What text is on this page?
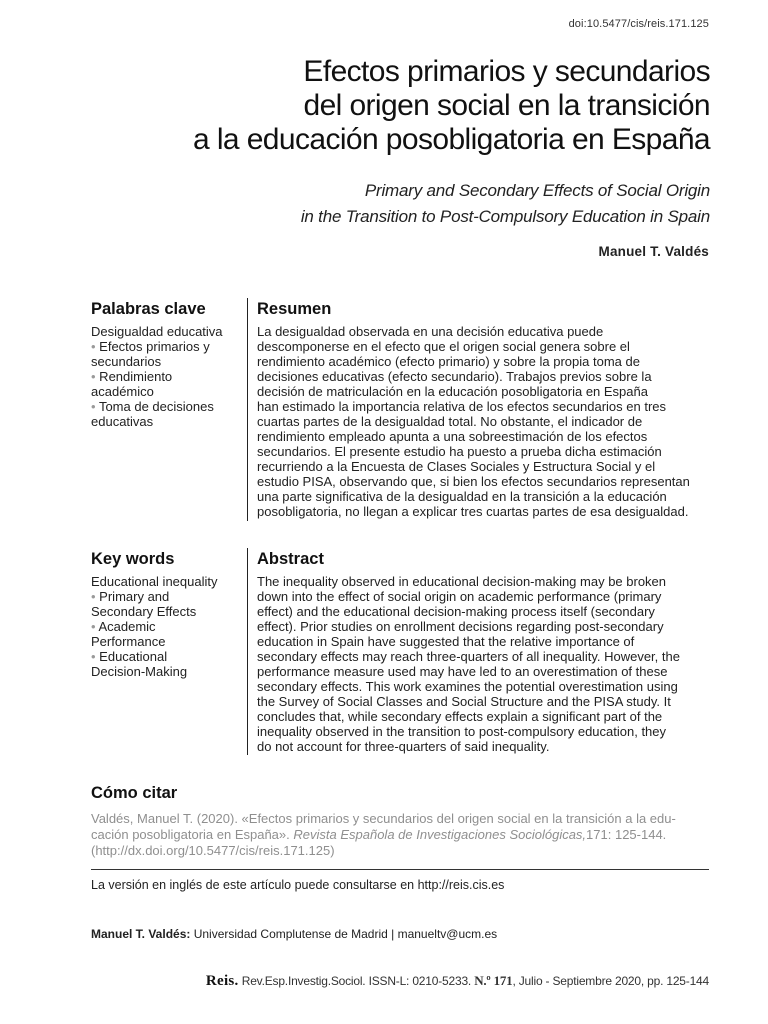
doi:10.5477/cis/reis.171.125
Efectos primarios y secundarios
del origen social en la transición
a la educación posobligatoria en España
Primary and Secondary Effects of Social Origin
in the Transition to Post-Compulsory Education in Spain
Manuel T. Valdés
Palabras clave
Desigualdad educativa
• Efectos primarios y
secundarios
• Rendimiento
académico
• Toma de decisiones
educativas
Resumen
La desigualdad observada en una decisión educativa puede
descomponerse en el efecto que el origen social genera sobre el
rendimiento académico (efecto primario) y sobre la propia toma de
decisiones educativas (efecto secundario). Trabajos previos sobre la
decisión de matriculación en la educación posobligatoria en España
han estimado la importancia relativa de los efectos secundarios en tres
cuartas partes de la desigualdad total. No obstante, el indicador de
rendimiento empleado apunta a una sobreestimación de los efectos
secundarios. El presente estudio ha puesto a prueba dicha estimación
recurriendo a la Encuesta de Clases Sociales y Estructura Social y el
estudio PISA, observando que, si bien los efectos secundarios representan
una parte significativa de la desigualdad en la transición a la educación
posobligatoria, no llegan a explicar tres cuartas partes de esa desigualdad.
Key words
Educational inequality
• Primary and
Secondary Effects
• Academic
Performance
• Educational
Decision-Making
Abstract
The inequality observed in educational decision-making may be broken
down into the effect of social origin on academic performance (primary
effect) and the educational decision-making process itself (secondary
effect). Prior studies on enrollment decisions regarding post-secondary
education in Spain have suggested that the relative importance of
secondary effects may reach three-quarters of all inequality. However, the
performance measure used may have led to an overestimation of these
secondary effects. This work examines the potential overestimation using
the Survey of Social Classes and Social Structure and the PISA study. It
concludes that, while secondary effects explain a significant part of the
inequality observed in the transition to post-compulsory education, they
do not account for three-quarters of said inequality.
Cómo citar
Valdés, Manuel T. (2020). «Efectos primarios y secundarios del origen social en la transición a la edu-
cación posobligatoria en España». Revista Española de Investigaciones Sociológicas,171: 125-144.
(http://dx.doi.org/10.5477/cis/reis.171.125)
La versión en inglés de este artículo puede consultarse en http://reis.cis.es
Manuel T. Valdés: Universidad Complutense de Madrid | manueltv@ucm.es
Reis. Rev.Esp.Investig.Sociol. ISSN-L: 0210-5233. N.º 171, Julio - Septiembre 2020, pp. 125-144
